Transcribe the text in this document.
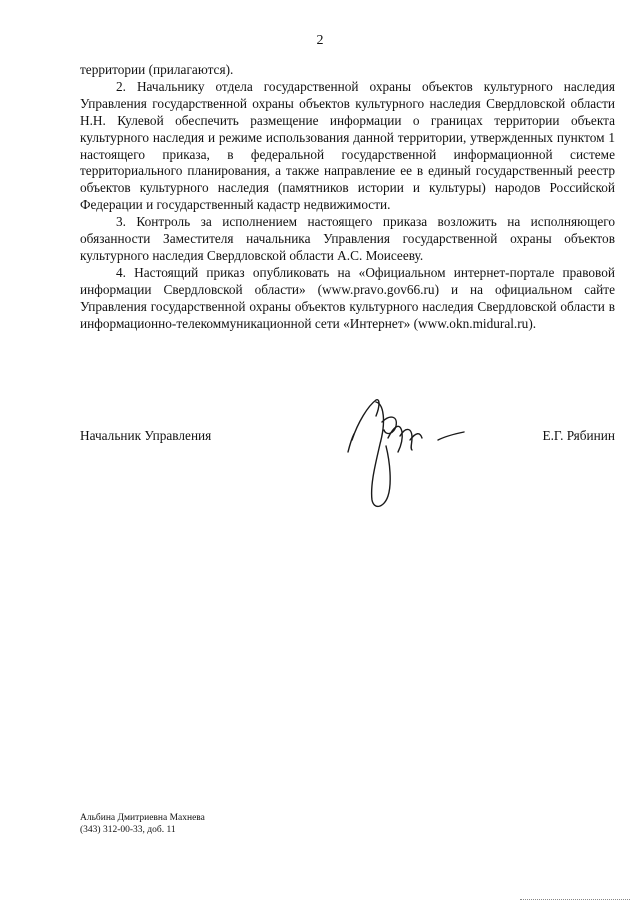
2

территории (прилагаются).

2. Начальнику отдела государственной охраны объектов культурного наследия Управления государственной охраны объектов культурного наследия Свердловской области Н.Н. Кулевой обеспечить размещение информации о границах территории объекта культурного наследия и режиме использования данной территории, утвержденных пунктом 1 настоящего приказа, в федеральной государственной информационной системе территориального планирования, а также направление ее в единый государственный реестр объектов культурного наследия (памятников истории и культуры) народов Российской Федерации и государственный кадастр недвижимости.

3. Контроль за исполнением настоящего приказа возложить на исполняющего обязанности Заместителя начальника Управления государственной охраны объектов культурного наследия Свердловской области А.С. Моисееву.

4. Настоящий приказ опубликовать на «Официальном интернет-портале правовой информации Свердловской области» (www.pravo.gov66.ru) и на официальном сайте Управления государственной охраны объектов культурного наследия Свердловской области в информационно-телекоммуникационной сети «Интернет» (www.okn.midural.ru).

Начальник Управления	Е.Г. Рябинин
Альбина Дмитриевна Махнева
(343) 312-00-33, доб. 11
